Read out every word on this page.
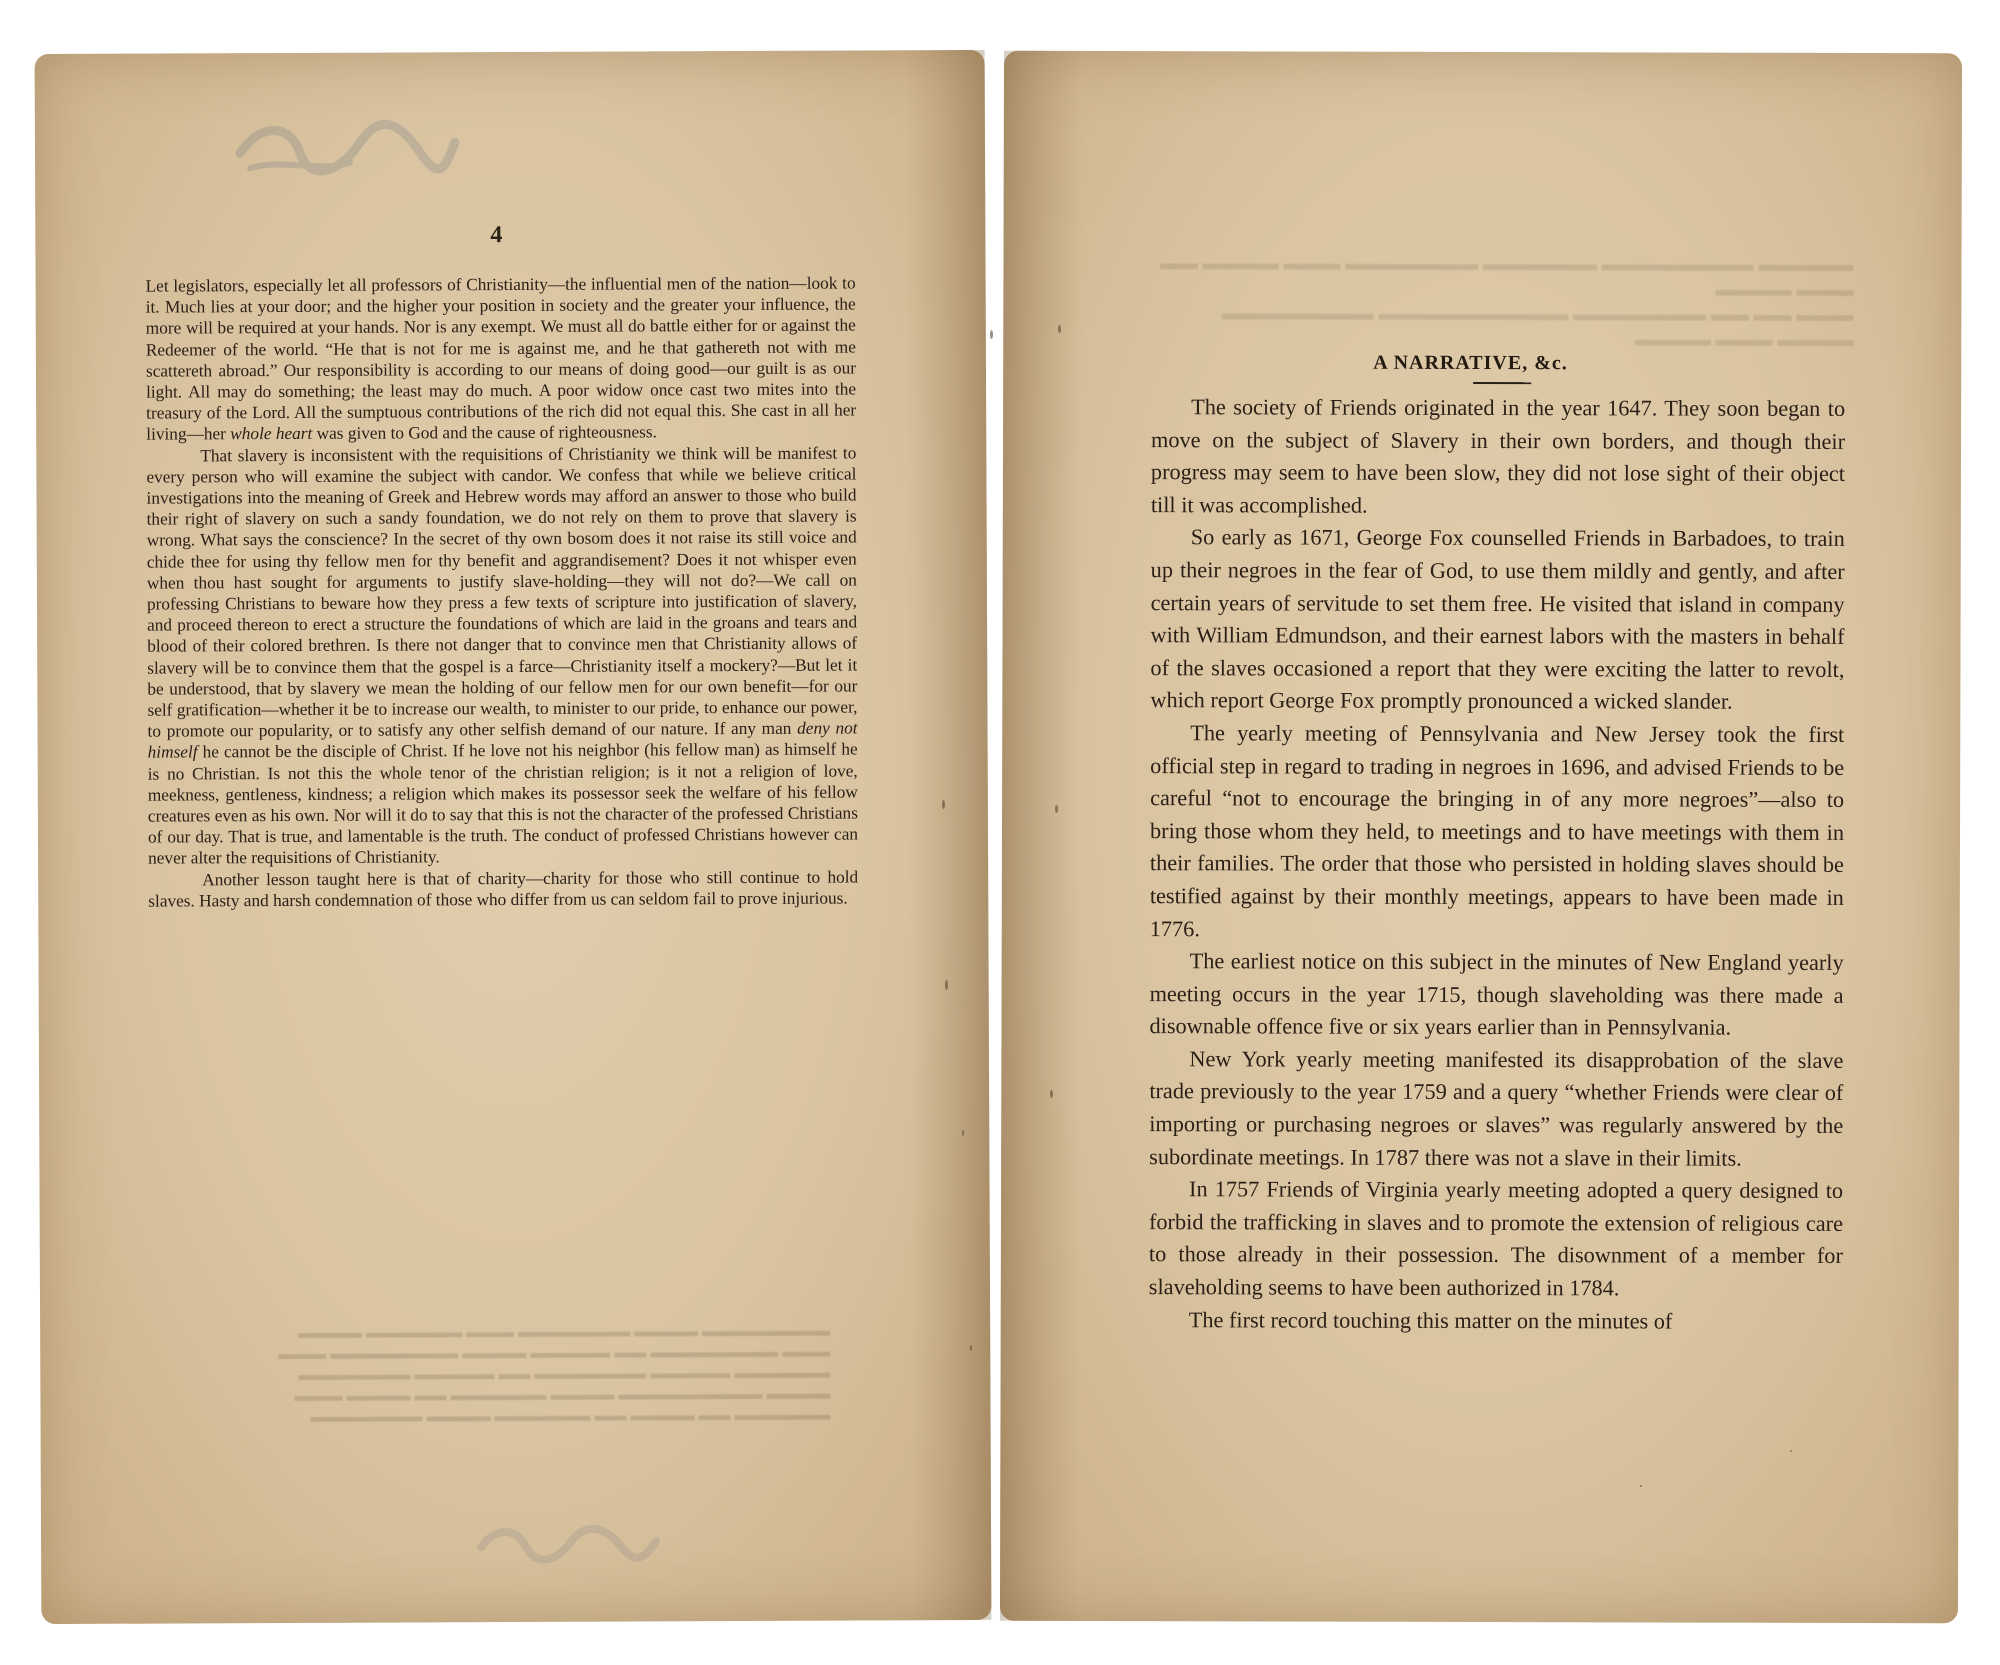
4

Let legislators, especially let all professors of Christianity—the influential men of the nation—look to it. Much lies at your door; and the higher your position in society and the greater your influence, the more will be required at your hands. Nor is any exempt. We must all do battle either for or against the Redeemer of the world. “He that is not for me is against me, and he that gathereth not with me scattereth abroad.” Our responsibility is according to our means of doing good—our guilt is as our light. All may do something; the least may do much. A poor widow once cast two mites into the treasury of the Lord. All the sumptuous contributions of the rich did not equal this. She cast in all her living—her whole heart was given to God and the cause of righteousness.

That slavery is inconsistent with the requisitions of Christianity we think will be manifest to every person who will examine the subject with candor. We confess that while we believe critical investigations into the meaning of Greek and Hebrew words may afford an answer to those who build their right of slavery on such a sandy foundation, we do not rely on them to prove that slavery is wrong. What says the conscience? In the secret of thy own bosom does it not raise its still voice and chide thee for using thy fellow men for thy benefit and aggrandisement? Does it not whisper even when thou hast sought for arguments to justify slave-holding—they will not do?—We call on professing Christians to beware how they press a few texts of scripture into justification of slavery, and proceed thereon to erect a structure the foundations of which are laid in the groans and tears and blood of their colored brethren. Is there not danger that to convince men that Christianity allows of slavery will be to convince them that the gospel is a farce—Christianity itself a mockery?—But let it be understood, that by slavery we mean the holding of our fellow men for our own benefit—for our self gratification—whether it be to increase our wealth, to minister to our pride, to enhance our power, to promote our popularity, or to satisfy any other selfish demand of our nature. If any man deny not himself he cannot be the disciple of Christ. If he love not his neighbor (his fellow man) as himself he is no Christian. Is not this the whole tenor of the christian religion; is it not a religion of love, meekness, gentleness, kindness; a religion which makes its possessor seek the welfare of his fellow creatures even as his own. Nor will it do to say that this is not the character of the professed Christians of our day. That is true, and lamentable is the truth. The conduct of professed Christians however can never alter the requisitions of Christianity.

Another lesson taught here is that of charity—charity for those who still continue to hold slaves. Hasty and harsh condemnation of those who differ from us can seldom fail to prove injurious.

▬▬▬▬▬▬▬▬ ▬▬▬▬ ▬▬▬▬▬▬▬ ▬▬▬ ▬▬▬▬▬▬ ▬▬▬▬
▬▬▬ ▬▬▬▬▬▬▬▬ ▬▬ ▬▬▬▬▬ ▬▬▬▬ ▬▬▬▬▬▬▬▬ ▬▬▬
▬▬▬▬▬▬ ▬▬▬▬▬ ▬▬▬▬▬▬▬ ▬▬ ▬▬▬▬▬ ▬▬▬▬▬▬▬
▬▬▬▬ ▬▬▬▬▬▬▬▬▬ ▬▬▬▬ ▬▬▬▬▬▬ ▬▬ ▬▬▬▬ ▬▬▬
▬▬▬▬▬▬ ▬▬ ▬▬▬▬ ▬▬ ▬▬▬▬▬▬ ▬▬▬▬ ▬▬▬▬▬▬▬
▬▬▬▬▬ ▬▬▬▬▬▬▬▬ ▬▬▬▬▬▬ ▬▬▬▬▬▬▬ ▬▬▬ ▬▬▬▬ ▬▬ ▬▬▬ ▬▬▬▬
▬▬▬ ▬▬ ▬▬ ▬▬▬▬▬▬▬ ▬▬▬▬▬▬▬▬▬▬ ▬▬▬▬▬▬▬▬ ▬▬▬▬ ▬▬▬ ▬▬▬▬
A NARRATIVE, &c.

The society of Friends originated in the year 1647. They soon began to move on the subject of Slavery in their own borders, and though their progress may seem to have been slow, they did not lose sight of their object till it was accomplished.

So early as 1671, George Fox counselled Friends in Barbadoes, to train up their negroes in the fear of God, to use them mildly and gently, and after certain years of servitude to set them free. He visited that island in company with William Edmundson, and their earnest labors with the masters in behalf of the slaves occasioned a report that they were exciting the latter to revolt, which report George Fox promptly pronounced a wicked slander.

The yearly meeting of Pennsylvania and New Jersey took the first official step in regard to trading in negroes in 1696, and advised Friends to be careful “not to encourage the bringing in of any more negroes”—also to bring those whom they held, to meetings and to have meetings with them in their families. The order that those who persisted in holding slaves should be testified against by their monthly meetings, appears to have been made in 1776.

The earliest notice on this subject in the minutes of New England yearly meeting occurs in the year 1715, though slaveholding was there made a disownable offence five or six years earlier than in Pennsylvania.

New York yearly meeting manifested its disapprobation of the slave trade previously to the year 1759 and a query “whether Friends were clear of importing or purchasing negroes or slaves” was regularly answered by the subordinate meetings. In 1787 there was not a slave in their limits.

In 1757 Friends of Virginia yearly meeting adopted a query designed to forbid the trafficking in slaves and to promote the extension of religious care to those already in their possession. The disownment of a member for slaveholding seems to have been authorized in 1784.

The first record touching this matter on the minutes of
